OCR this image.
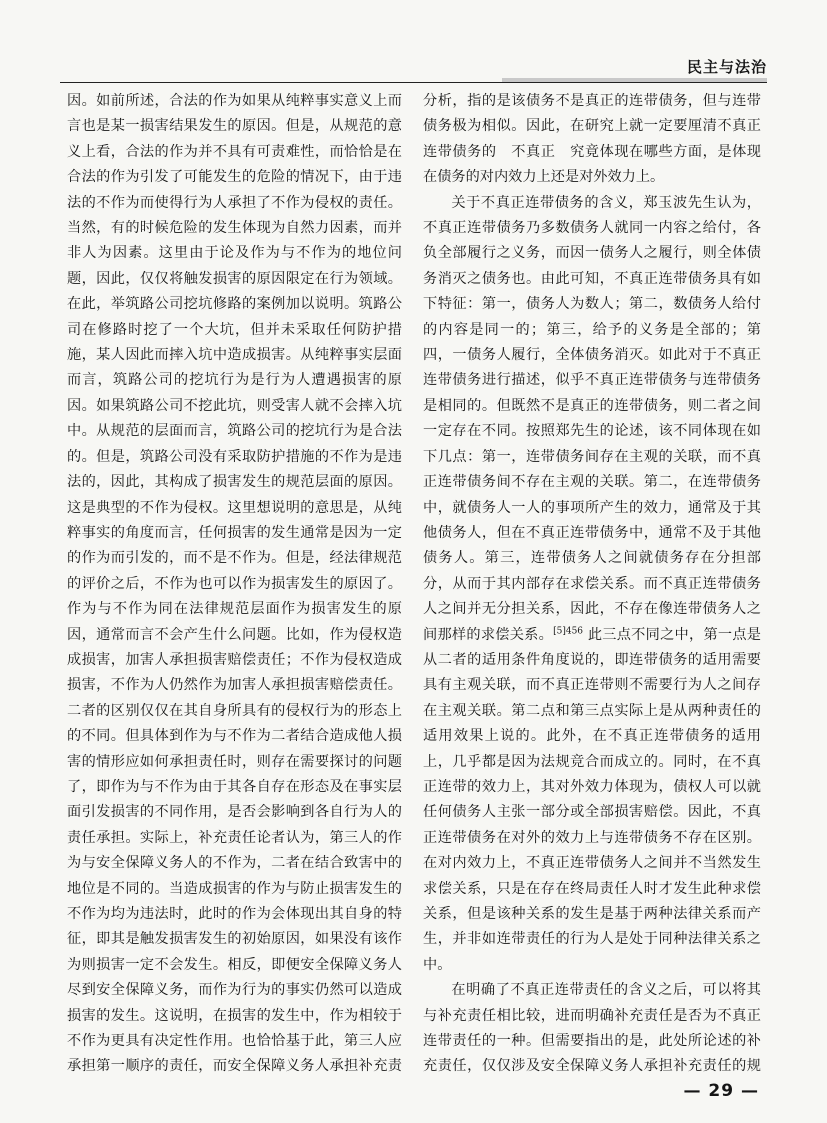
民主与法治

因。如前所述，合法的作为如果从纯粹事实意义上而言也是某一损害结果发生的原因。但是，从规范的意义上看，合法的作为并不具有可责难性，而恰恰是在合法的作为引发了可能发生的危险的情况下，由于违法的不作为而使得行为人承担了不作为侵权的责任。当然，有的时候危险的发生体现为自然力因素，而并非人为因素。这里由于论及作为与不作为的地位问题，因此，仅仅将触发损害的原因限定在行为领域。在此，举筑路公司挖坑修路的案例加以说明。筑路公司在修路时挖了一个大坑，但并未采取任何防护措施，某人因此而摔入坑中造成损害。从纯粹事实层面而言，筑路公司的挖坑行为是行为人遭遇损害的原因。如果筑路公司不挖此坑，则受害人就不会摔入坑中。从规范的层面而言，筑路公司的挖坑行为是合法的。但是，筑路公司没有采取防护措施的不作为是违法的，因此，其构成了损害发生的规范层面的原因。这是典型的不作为侵权。这里想说明的意思是，从纯粹事实的角度而言，任何损害的发生通常是因为一定的作为而引发的，而不是不作为。但是，经法律规范的评价之后，不作为也可以作为损害发生的原因了。作为与不作为同在法律规范层面作为损害发生的原因，通常而言不会产生什么问题。比如，作为侵权造成损害，加害人承担损害赔偿责任；不作为侵权造成损害，不作为人仍然作为加害人承担损害赔偿责任。二者的区别仅仅在其自身所具有的侵权行为的形态上的不同。但具体到作为与不作为二者结合造成他人损害的情形应如何承担责任时，则存在需要探讨的问题了，即作为与不作为由于其各自存在形态及在事实层面引发损害的不同作用，是否会影响到各自行为人的责任承担。实际上，补充责任论者认为，第三人的作为与安全保障义务人的不作为，二者在结合致害中的地位是不同的。当造成损害的作为与防止损害发生的不作为均为违法时，此时的作为会体现出其自身的特征，即其是触发损害发生的初始原因，如果没有该作为则损害一定不会发生。相反，即便安全保障义务人尽到安全保障义务，而作为行为的事实仍然可以造成损害的发生。这说明，在损害的发生中，作为相较于不作为更具有决定性作用。也恰恰基于此，第三人应承担第一顺序的责任，而安全保障义务人承担补充责

分析，指的是该债务不是真正的连带债务，但与连带债务极为相似。因此，在研究上就一定要厘清不真正连带债务的　不真正　究竟体现在哪些方面，是体现在债务的对内效力上还是对外效力上。

关于不真正连带债务的含义，郑玉波先生认为，不真正连带债务乃多数债务人就同一内容之给付，各负全部履行之义务，而因一债务人之履行，则全体债务消灭之债务也。由此可知，不真正连带债务具有如下特征：第一，债务人为数人；第二，数债务人给付的内容是同一的；第三，给予的义务是全部的；第四，一债务人履行，全体债务消灭。如此对于不真正连带债务进行描述，似乎不真正连带债务与连带债务是相同的。但既然不是真正的连带债务，则二者之间一定存在不同。按照郑先生的论述，该不同体现在如下几点：第一，连带债务间存在主观的关联，而不真正连带债务间不存在主观的关联。第二，在连带债务中，就债务人一人的事项所产生的效力，通常及于其他债务人，但在不真正连带债务中，通常不及于其他债务人。第三，连带债务人之间就债务存在分担部分，从而于其内部存在求偿关系。而不真正连带债务人之间并无分担关系，因此，不存在像连带债务人之间那样的求偿关系。$^{[5]456}$ 此三点不同之中，第一点是从二者的适用条件角度说的，即连带债务的适用需要具有主观关联，而不真正连带则不需要行为人之间存在主观关联。第二点和第三点实际上是从两种责任的适用效果上说的。此外，在不真正连带债务的适用上，几乎都是因为法规竞合而成立的。同时，在不真正连带的效力上，其对外效力体现为，债权人可以就任何债务人主张一部分或全部损害赔偿。因此，不真正连带债务在对外的效力上与连带债务不存在区别。在对内效力上，不真正连带债务人之间并不当然发生求偿关系，只是在存在终局责任人时才发生此种求偿关系，但是该种关系的发生是基于两种法律关系而产生，并非如连带责任的行为人是处于同种法律关系之中。

在明确了不真正连带责任的含义之后，可以将其与补充责任相比较，进而明确补充责任是否为不真正连带责任的一种。但需要指出的是，此处所论述的补充责任，仅仅涉及安全保障义务人承担补充责任的规

— 29 —
